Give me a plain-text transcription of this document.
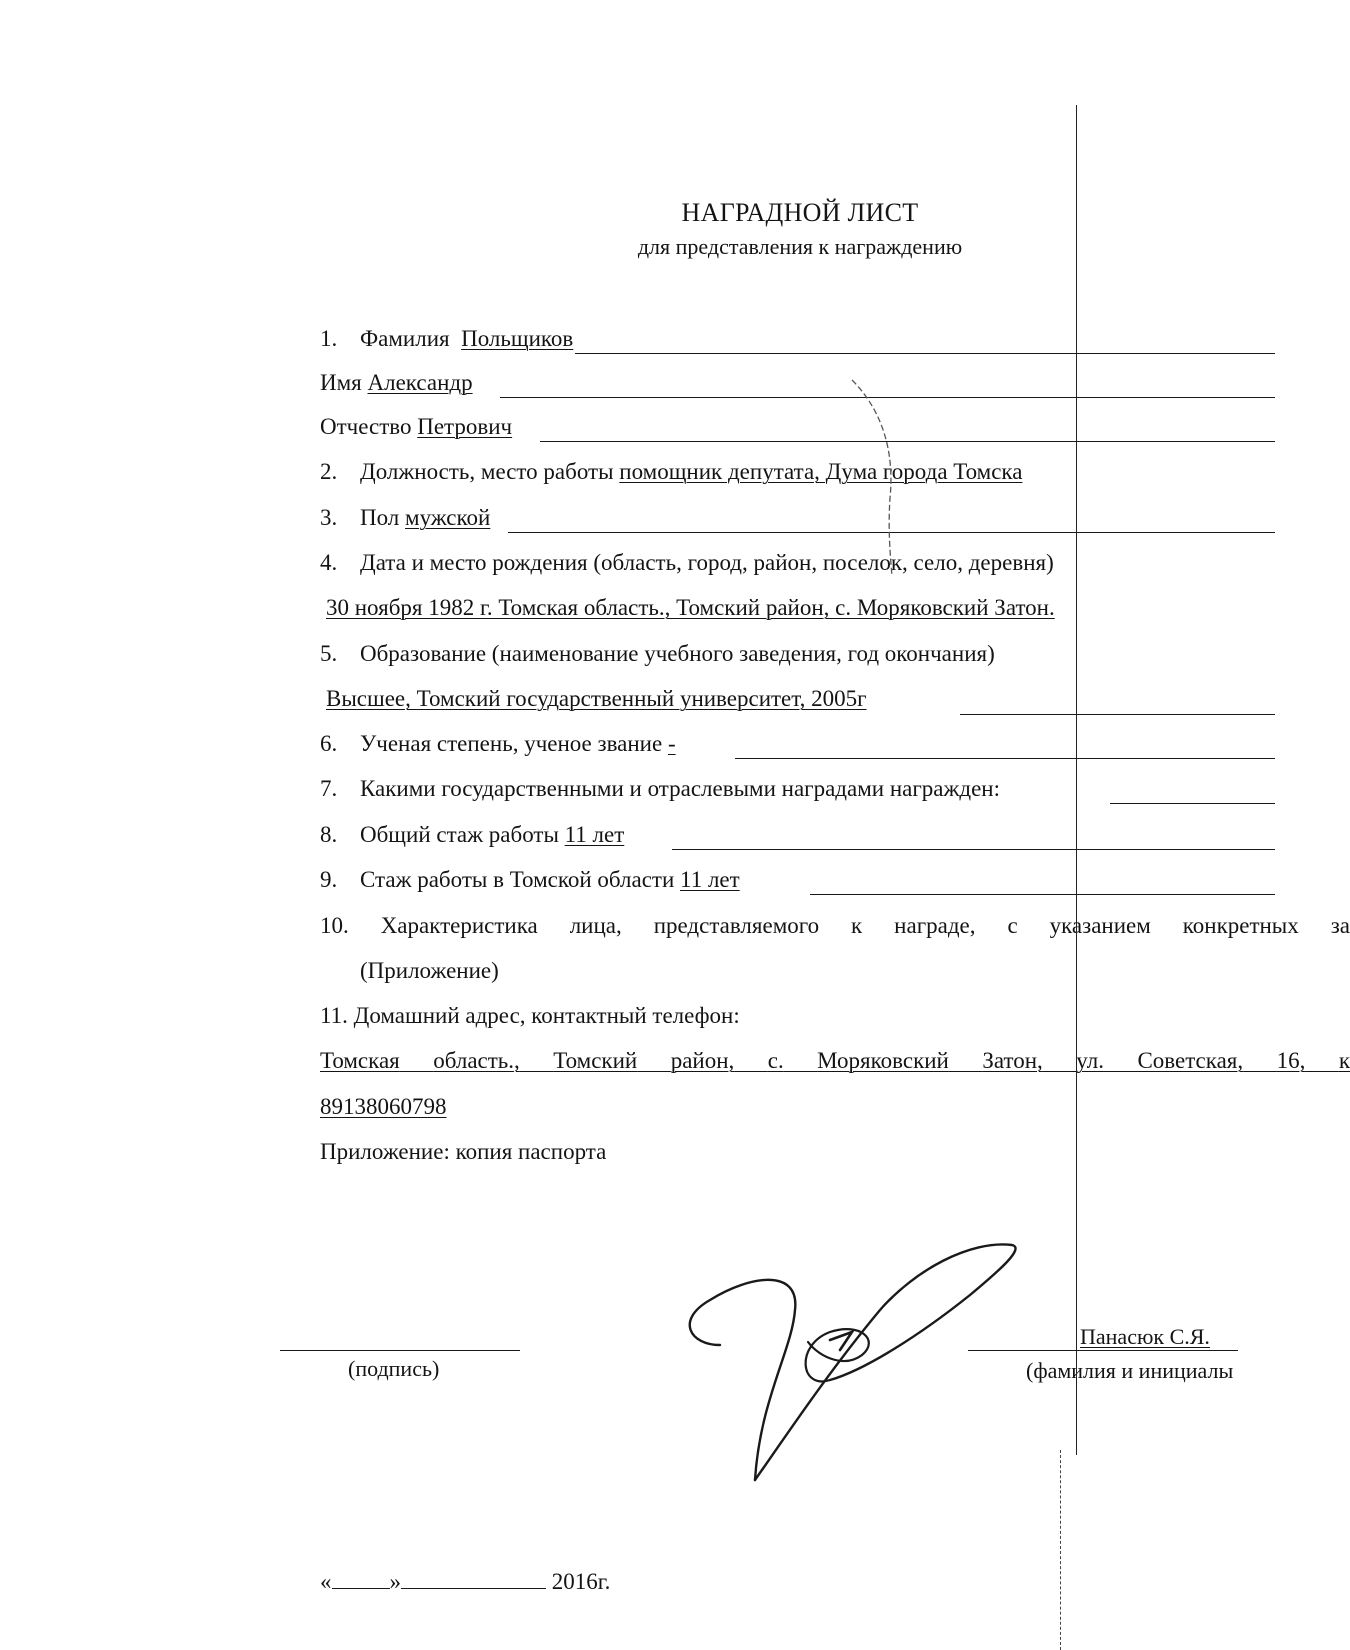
НАГРАДНОЙ ЛИСТ
для представления к награждению
1. Фамилия Польщиков
Имя Александр
Отчество Петрович
2. Должность, место работы помощник депутата, Дума города Томска
3. Пол мужской
4. Дата и место рождения (область, город, район, поселок, село, деревня)
30 ноября 1982 г. Томская область., Томский район, с. Моряковский Затон.
5. Образование (наименование учебного заведения, год окончания)
Высшее, Томский государственный университет, 2005г
6. Ученая степень, ученое звание -
7. Какими государственными и отраслевыми наградами награжден:
8. Общий стаж работы 11 лет
9. Стаж работы в Томской области 11 лет
10. Характеристика лица, представляемого к награде, с указанием конкретных за
(Приложение)
11. Домашний адрес, контактный телефон:
Томская область., Томский район, с. Моряковский Затон, ул. Советская, 16, к
89138060798
Приложение: копия паспорта
(подпись)
Панасюк С.Я.
(фамилия и инициалы
«	»	2016г.
